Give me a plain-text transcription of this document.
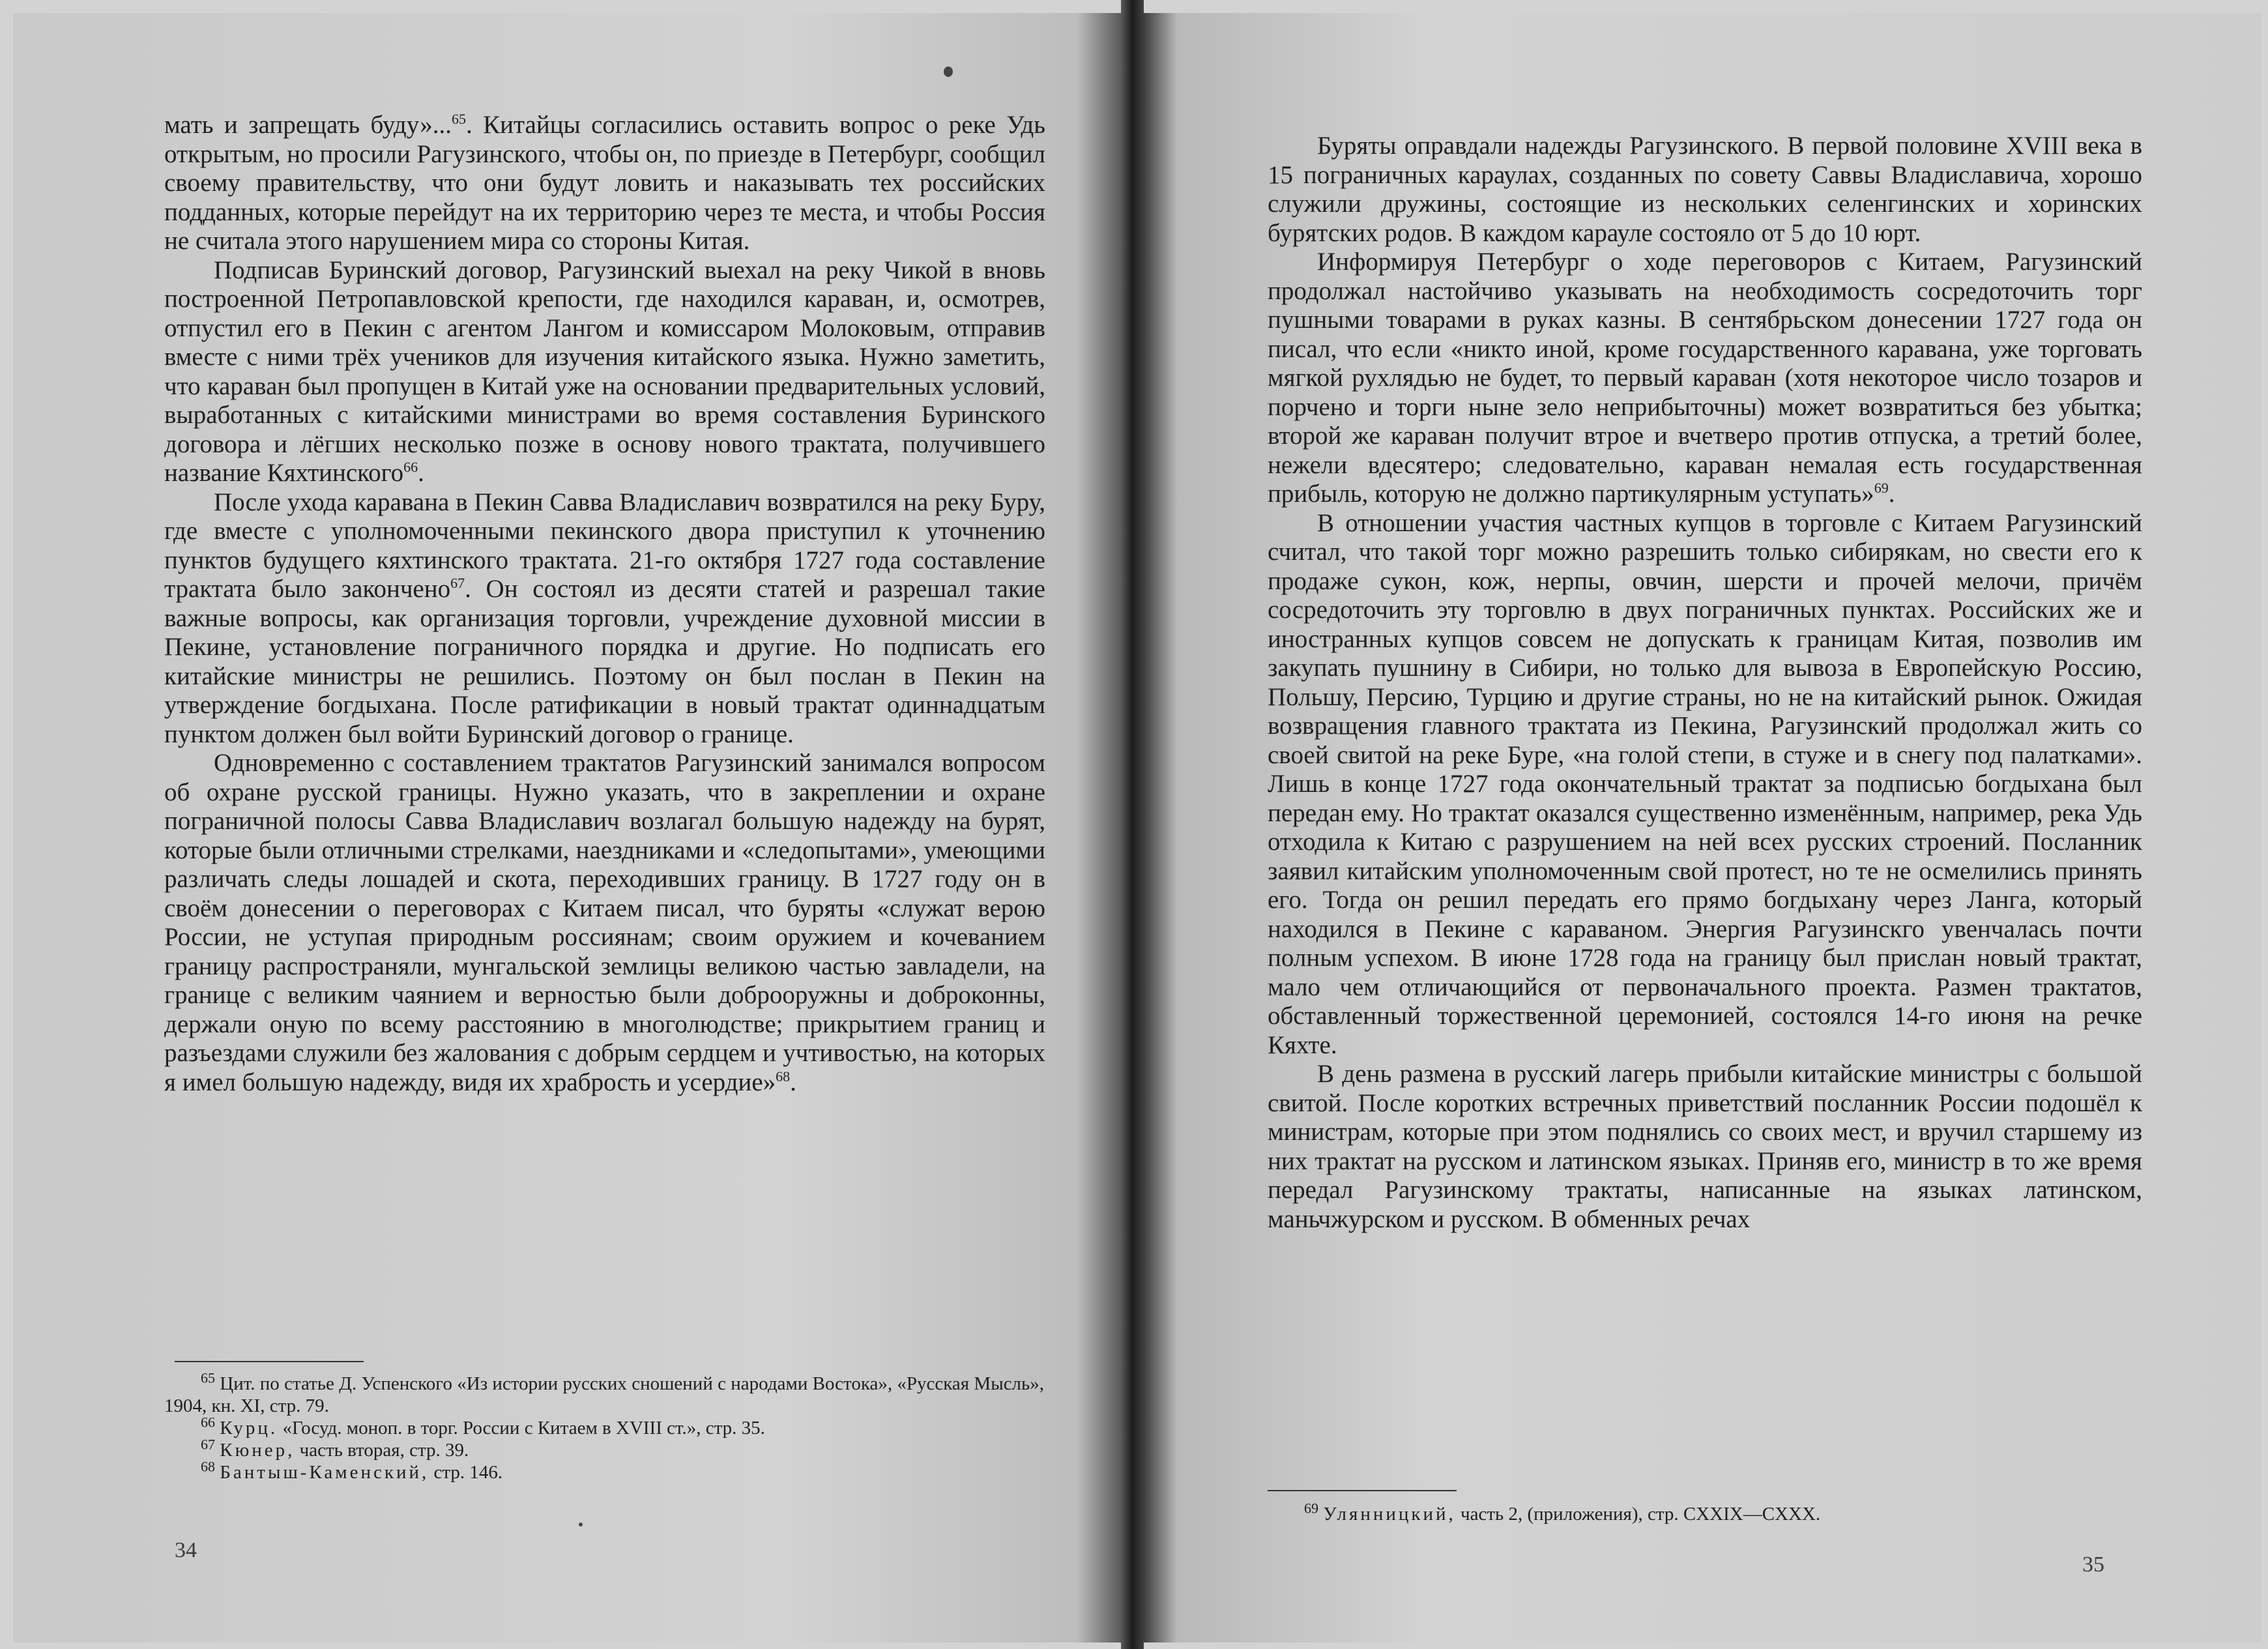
мать и запрещать буду»...$^{65}$. Китайцы согласились оставить вопрос о реке Удь открытым, но просили Рагузинского, чтобы он, по приезде в Петербург, сообщил своему правительству, что они будут ловить и наказывать тех российских подданных, которые перейдут на их территорию через те места, и чтобы Россия не считала этого нарушением мира со стороны Китая.

Подписав Буринский договор, Рагузинский выехал на реку Чикой в вновь построенной Петропавловской крепости, где находился караван, и, осмотрев, отпустил его в Пекин с агентом Лангом и комиссаром Молоковым, отправив вместе с ними трёх учеников для изучения китайского языка. Нужно заметить, что караван был пропущен в Китай уже на основании предварительных условий, выработанных с китайскими министрами во время составления Буринского договора и лёгших несколько позже в основу нового трактата, получившего название Кяхтинского$^{66}$.

После ухода каравана в Пекин Савва Владиславич возвратился на реку Буру, где вместе с уполномоченными пекинского двора приступил к уточнению пунктов будущего кяхтинского трактата. 21-го октября 1727 года составление трактата было закончено$^{67}$. Он состоял из десяти статей и разрешал такие важные вопросы, как организация торговли, учреждение духовной миссии в Пекине, установление пограничного порядка и другие. Но подписать его китайские министры не решились. Поэтому он был послан в Пекин на утверждение богдыхана. После ратификации в новый трактат одиннадцатым пунктом должен был войти Буринский договор о границе.

Одновременно с составлением трактатов Рагузинский занимался вопросом об охране русской границы. Нужно указать, что в закреплении и охране пограничной полосы Савва Владиславич возлагал большую надежду на бурят, которые были отличными стрелками, наездниками и «следопытами», умеющими различать следы лошадей и скота, переходивших границу. В 1727 году он в своём донесении о переговорах с Китаем писал, что буряты «служат верою России, не уступая природным россиянам; своим оружием и кочеванием границу распространяли, мунгальской землицы великою частью завладели, на границе с великим чаянием и верностью были доброоружны и доброконны, держали оную по всему расстоянию в многолюдстве; прикрытием границ и разъездами служили без жалования с добрым сердцем и учтивостью, на которых я имел большую надежду, видя их храбрость и усердие»$^{68}$.

$^{65}$ Цит. по статье Д. Успенского «Из истории русских сношений с народами Востока», «Русская Мысль», 1904, кн. XI, стр. 79.

$^{66}$ Курц. «Госуд. моноп. в торг. России с Китаем в XVIII ст.», стр. 35.

$^{67}$ Кюнер, часть вторая, стр. 39.

$^{68}$ Бантыш-Каменский, стр. 146.

34

Буряты оправдали надежды Рагузинского. В первой половине XVIII века в 15 пограничных караулах, созданных по совету Саввы Владиславича, хорошо служили дружины, состоящие из нескольких селенгинских и хоринских бурятских родов. В каждом карауле состояло от 5 до 10 юрт.

Информируя Петербург о ходе переговоров с Китаем, Рагузинский продолжал настойчиво указывать на необходимость сосредоточить торг пушными товарами в руках казны. В сентябрьском донесении 1727 года он писал, что если «никто иной, кроме государственного каравана, уже торговать мягкой рухлядью не будет, то первый караван (хотя некоторое число тозаров и порчено и торги ныне зело неприбыточны) может возвратиться без убытка; второй же караван получит втрое и вчетверо против отпуска, а третий более, нежели вдесятеро; следовательно, караван немалая есть государственная прибыль, которую не должно партикулярным уступать»$^{69}$.

В отношении участия частных купцов в торговле с Китаем Рагузинский считал, что такой торг можно разрешить только сибирякам, но свести его к продаже сукон, кож, нерпы, овчин, шерсти и прочей мелочи, причём сосредоточить эту торговлю в двух пограничных пунктах. Российских же и иностранных купцов совсем не допускать к границам Китая, позволив им закупать пушнину в Сибири, но только для вывоза в Европейскую Россию, Польшу, Персию, Турцию и другие страны, но не на китайский рынок. Ожидая возвращения главного трактата из Пекина, Рагузинский продолжал жить со своей свитой на реке Буре, «на голой степи, в стуже и в снегу под палатками». Лишь в конце 1727 года окончательный трактат за подписью богдыхана был передан ему. Но трактат оказался существенно изменённым, например, река Удь отходила к Китаю с разрушением на ней всех русских строений. Посланник заявил китайским уполномоченным свой протест, но те не осмелились принять его. Тогда он решил передать его прямо богдыхану через Ланга, который находился в Пекине с караваном. Энергия Рагузинскго увенчалась почти полным успехом. В июне 1728 года на границу был прислан новый трактат, мало чем отличающийся от первоначального проекта. Размен трактатов, обставленный торжественной церемонией, состоялся 14-го июня на речке Кяхте.

В день размена в русский лагерь прибыли китайские министры с большой свитой. После коротких встречных приветствий посланник России подошёл к министрам, которые при этом поднялись со своих мест, и вручил старшему из них трактат на русском и латинском языках. Приняв его, министр в то же время передал Рагузинскому трактаты, написанные на языках латинском, маньчжурском и русском. В обменных речах

$^{69}$ Улянницкий, часть 2, (приложения), стр. CXXIX—CXXX.

35
